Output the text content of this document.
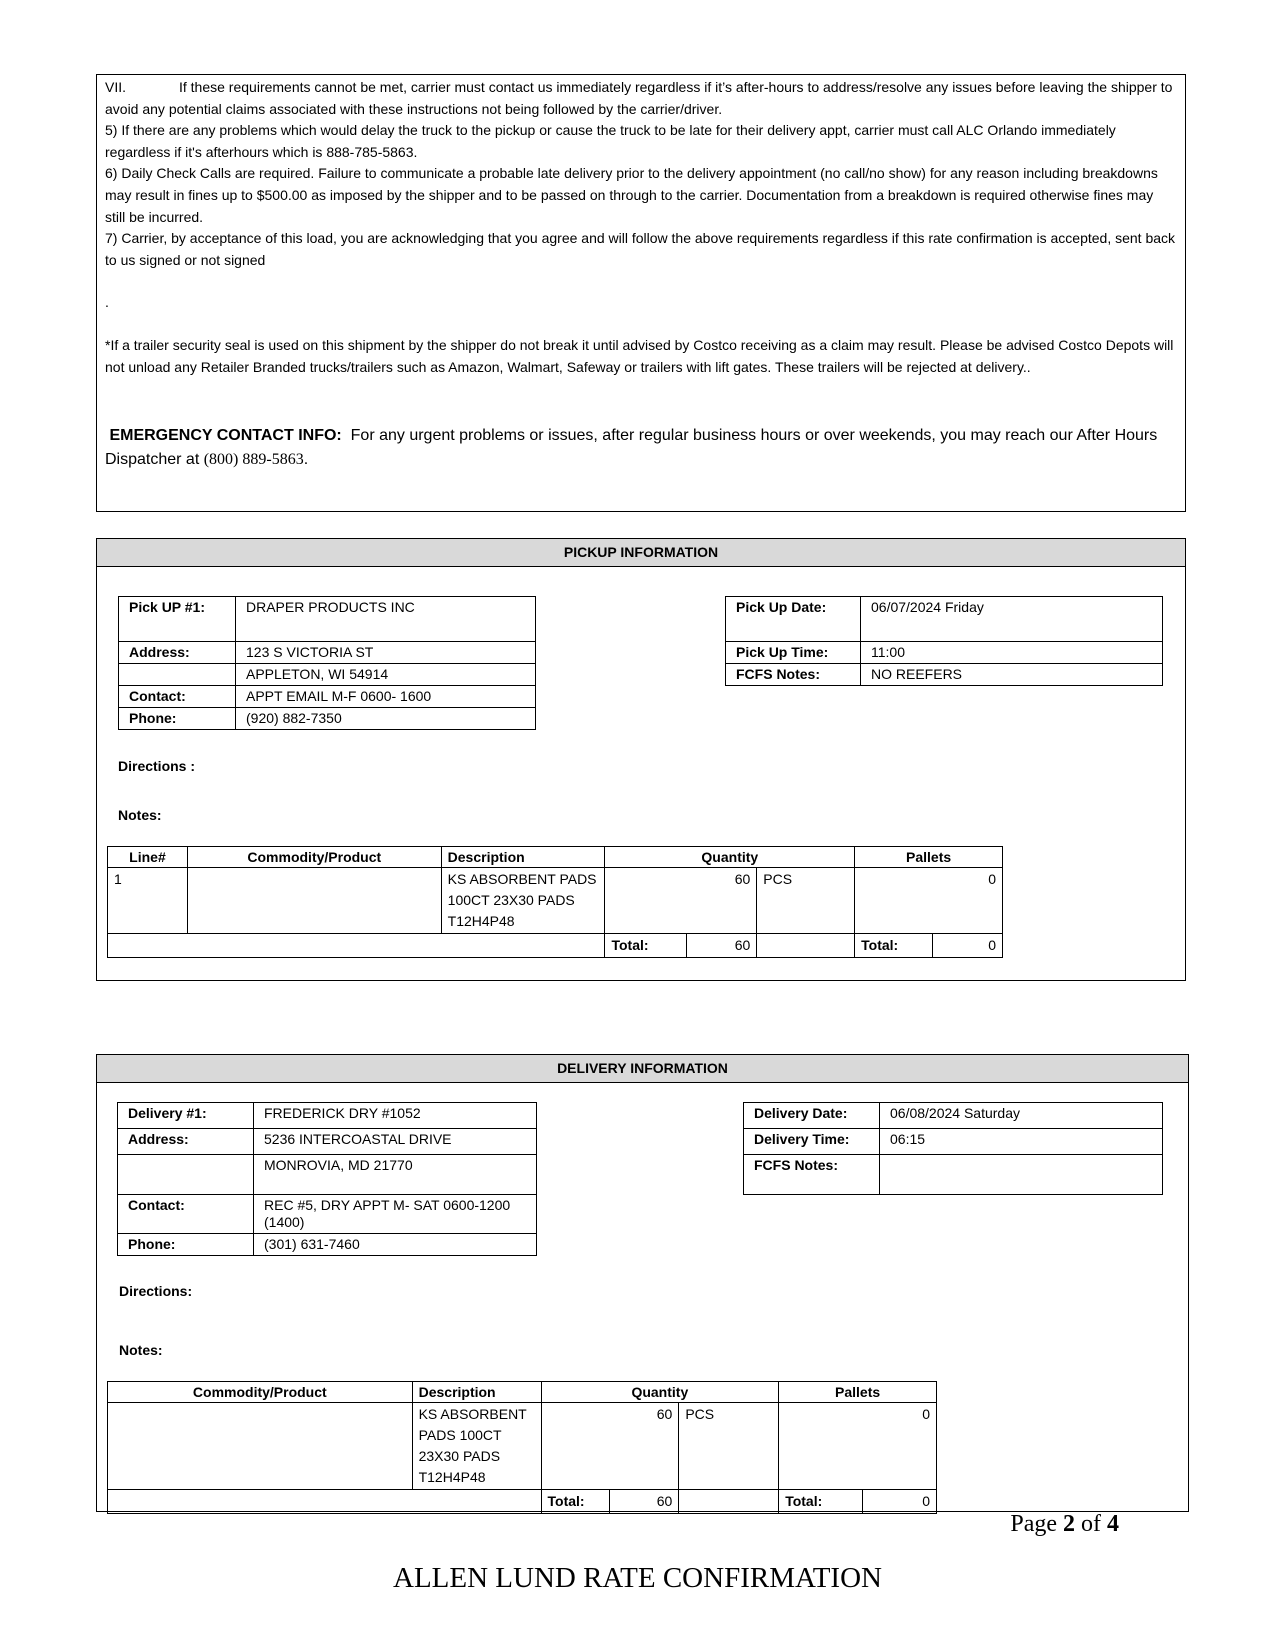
VII.	If these requirements cannot be met, carrier must contact us immediately regardless if it’s after-hours to address/resolve any issues before leaving the shipper to avoid any potential claims associated with these instructions not being followed by the carrier/driver.

5) If there are any problems which would delay the truck to the pickup or cause the truck to be late for their delivery appt, carrier must call ALC Orlando immediately regardless if it's afterhours which is 888-785-5863.

6) Daily Check Calls are required. Failure to communicate a probable late delivery prior to the delivery appointment (no call/no show) for any reason including breakdowns may result in fines up to $500.00 as imposed by the shipper and to be passed on through to the carrier. Documentation from a breakdown is required otherwise fines may still be incurred.

7) Carrier, by acceptance of this load, you are acknowledging that you agree and will follow the above requirements regardless if this rate confirmation is accepted, sent back to us signed or not signed

.

*If a trailer security seal is used on this shipment by the shipper do not break it until advised by Costco receiving as a claim may result. Please be advised Costco Depots will not unload any Retailer Branded trucks/trailers such as Amazon, Walmart, Safeway or trailers with lift gates. These trailers will be rejected at delivery..

EMERGENCY CONTACT INFO: For any urgent problems or issues, after regular business hours or over weekends, you may reach our After Hours Dispatcher at (800) 889-5863.

PICKUP INFORMATION
Pick UP #1:	DRAPER PRODUCTS INC
Address:	123 S VICTORIA ST
	APPLETON, WI 54914
Contact:	APPT EMAIL M-F 0600- 1600
Phone:	(920) 882-7350
Pick Up Date:	06/07/2024 Friday
Pick Up Time:	11:00
FCFS Notes:	NO REEFERS
Directions :
Notes:
Line#	Commodity/Product	Description	Quantity			Pallets	
1		KS ABSORBENT PADS
100CT 23X30 PADS
T12H4P48	60		PCS	0	
			Total:	60		Total:	0
DELIVERY INFORMATION
Delivery #1:	FREDERICK DRY #1052
Address:	5236 INTERCOASTAL DRIVE
	MONROVIA, MD 21770
Contact:	REC #5, DRY APPT M- SAT 0600-1200
(1400)

Phone:	(301) 631-7460
Delivery Date:	06/08/2024 Saturday
Delivery Time:	06:15
FCFS Notes:	
Directions:
Notes:
Commodity/Product	Description	Quantity			Pallets	

	KS ABSORBENT
PADS 100CT
23X30 PADS
T12H4P48	60		PCS	0	
		Total:	60		Total:	0
Page 2 of 4
ALLEN LUND RATE CONFIRMATION
